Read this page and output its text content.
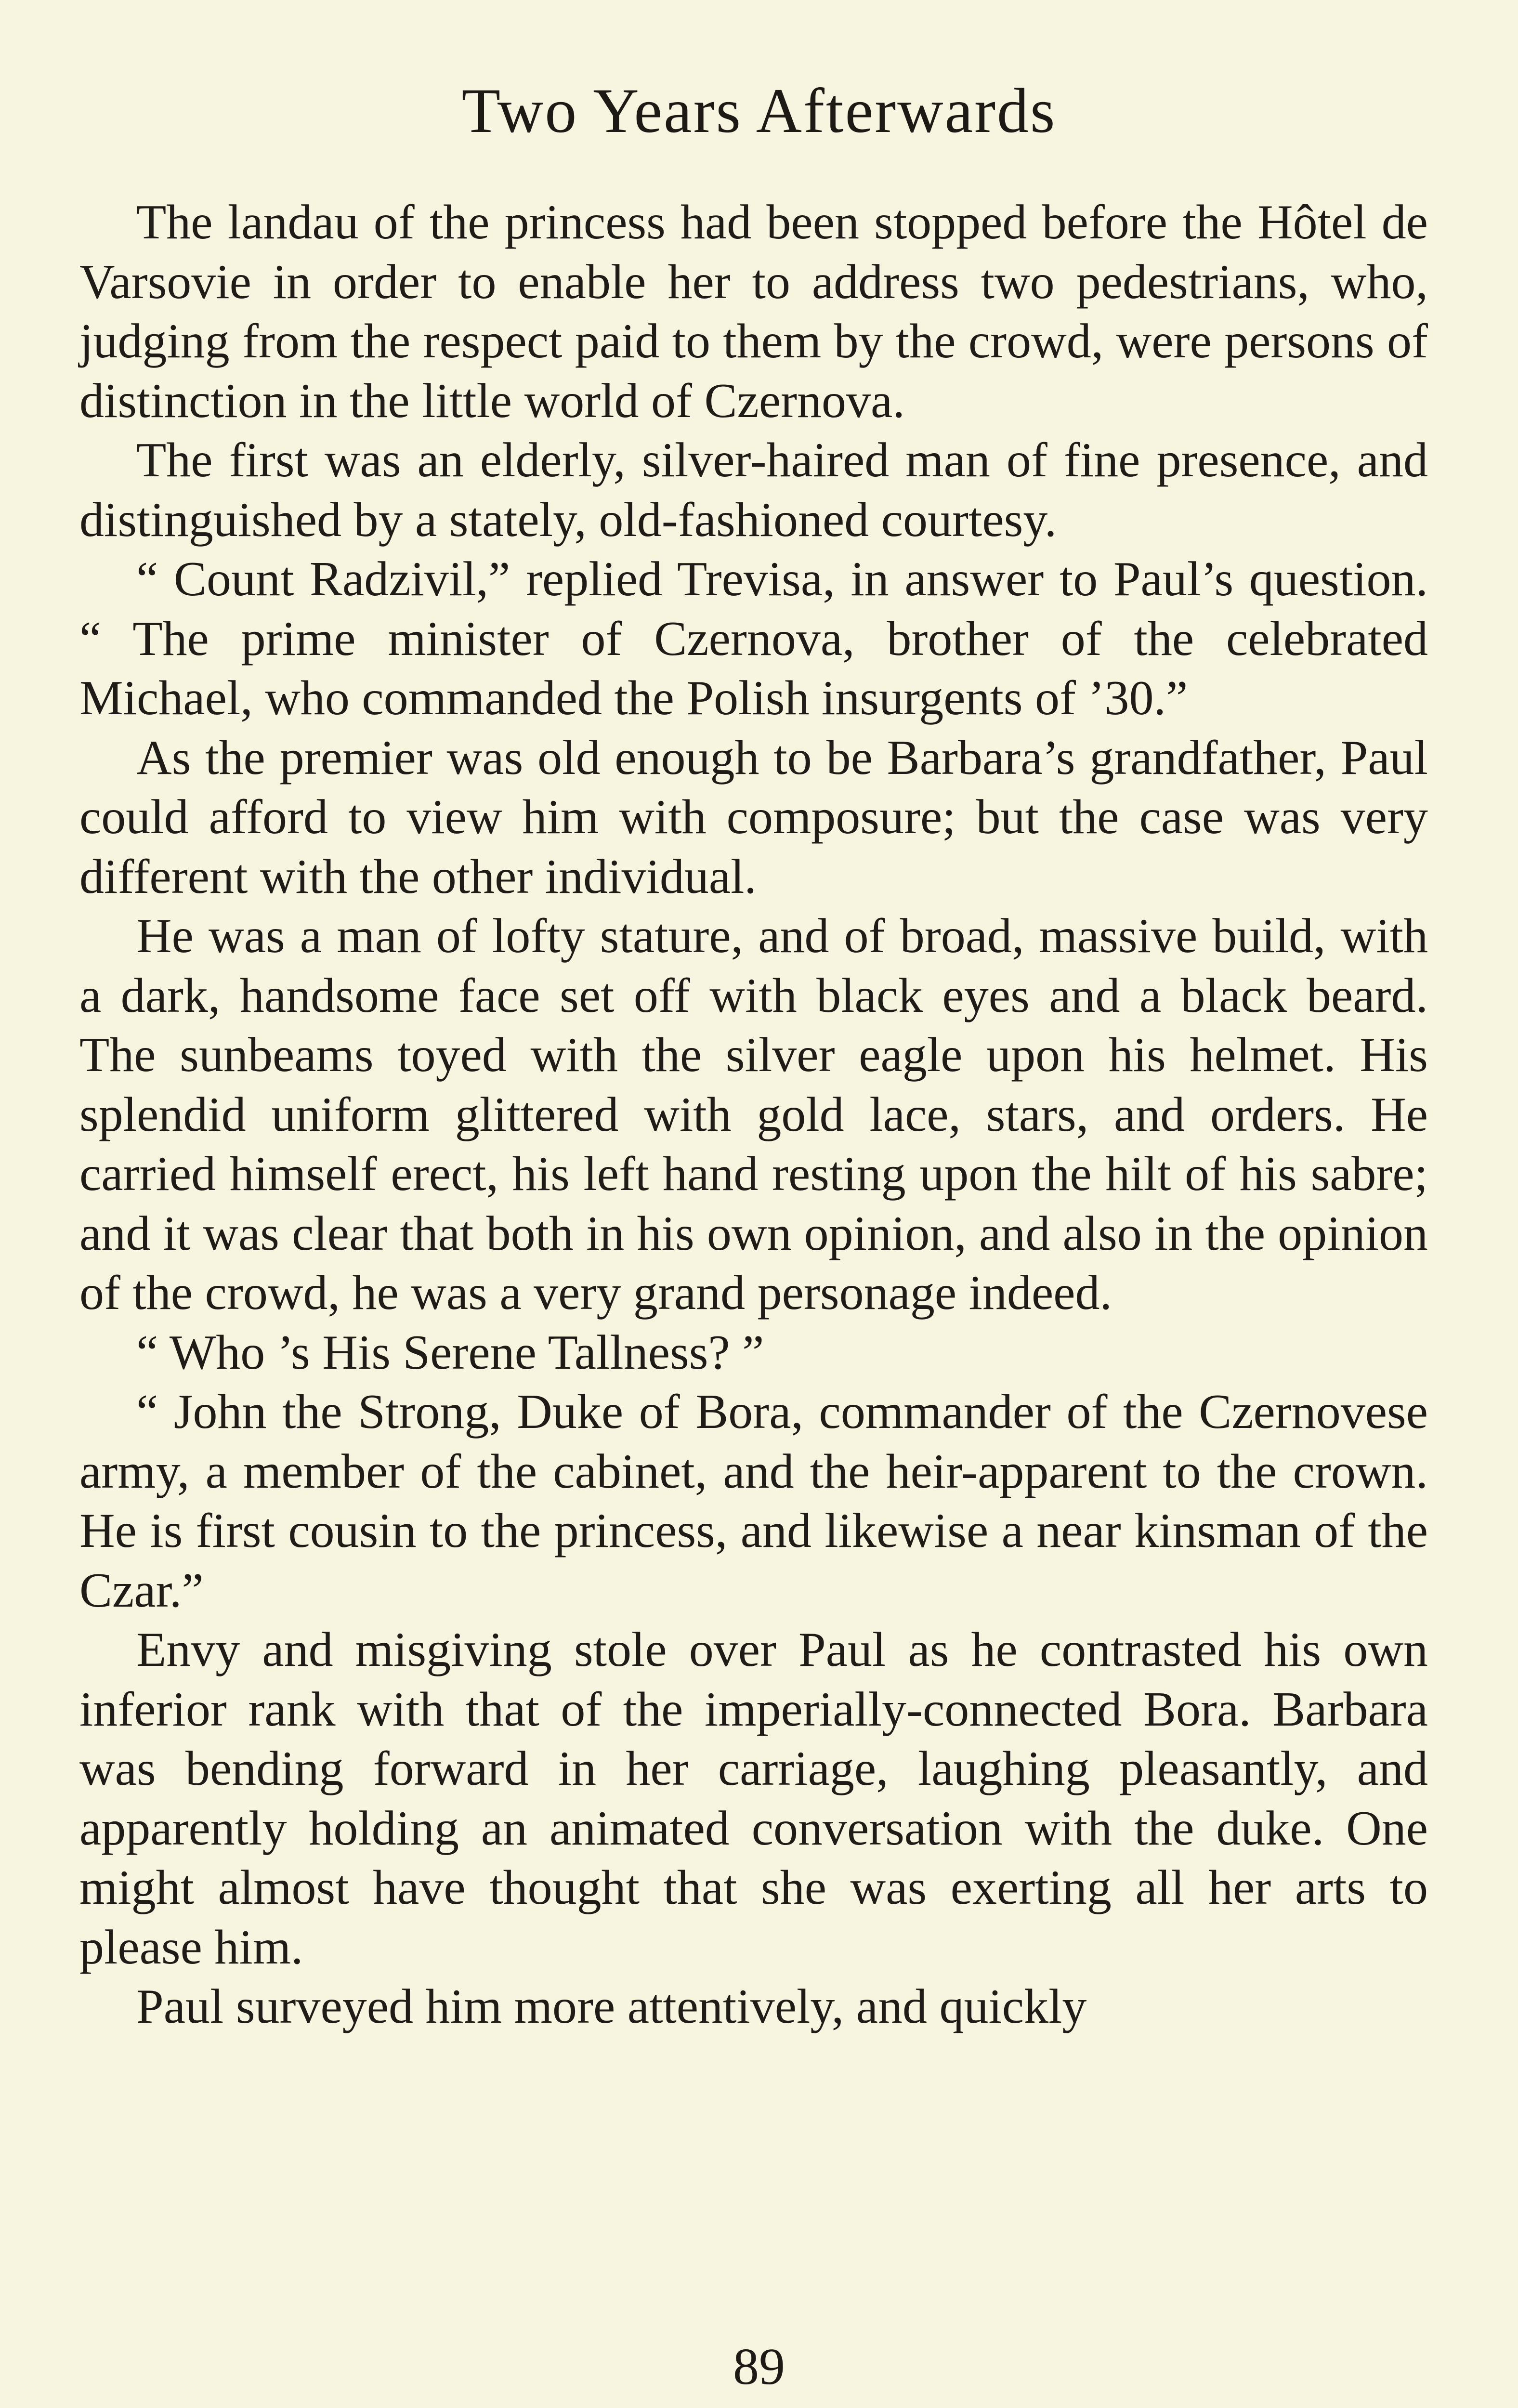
Two Years Afterwards

The landau of the princess had been stopped before the Hôtel de Varsovie in order to enable her to address two pedestrians, who, judging from the respect paid to them by the crowd, were persons of distinction in the little world of Czernova.

The first was an elderly, silver-haired man of fine presence, and distinguished by a stately, old-fashioned courtesy.

“ Count Radzivil,” replied Trevisa, in answer to Paul’s question. “ The prime minister of Czernova, brother of the celebrated Michael, who commanded the Polish insurgents of ’30.”

As the premier was old enough to be Barbara’s grandfather, Paul could afford to view him with composure; but the case was very different with the other individual.

He was a man of lofty stature, and of broad, massive build, with a dark, handsome face set off with black eyes and a black beard. The sunbeams toyed with the silver eagle upon his helmet. His splendid uniform glittered with gold lace, stars, and orders. He carried himself erect, his left hand resting upon the hilt of his sabre; and it was clear that both in his own opinion, and also in the opinion of the crowd, he was a very grand personage indeed.

“ Who ’s His Serene Tallness? ”

“ John the Strong, Duke of Bora, commander of the Czernovese army, a member of the cabinet, and the heir-apparent to the crown. He is first cousin to the princess, and likewise a near kinsman of the Czar.”

Envy and misgiving stole over Paul as he contrasted his own inferior rank with that of the imperially-connected Bora. Barbara was bending forward in her carriage, laughing pleasantly, and apparently holding an animated conversation with the duke. One might almost have thought that she was exerting all her arts to please him.

Paul surveyed him more attentively, and quickly

89
